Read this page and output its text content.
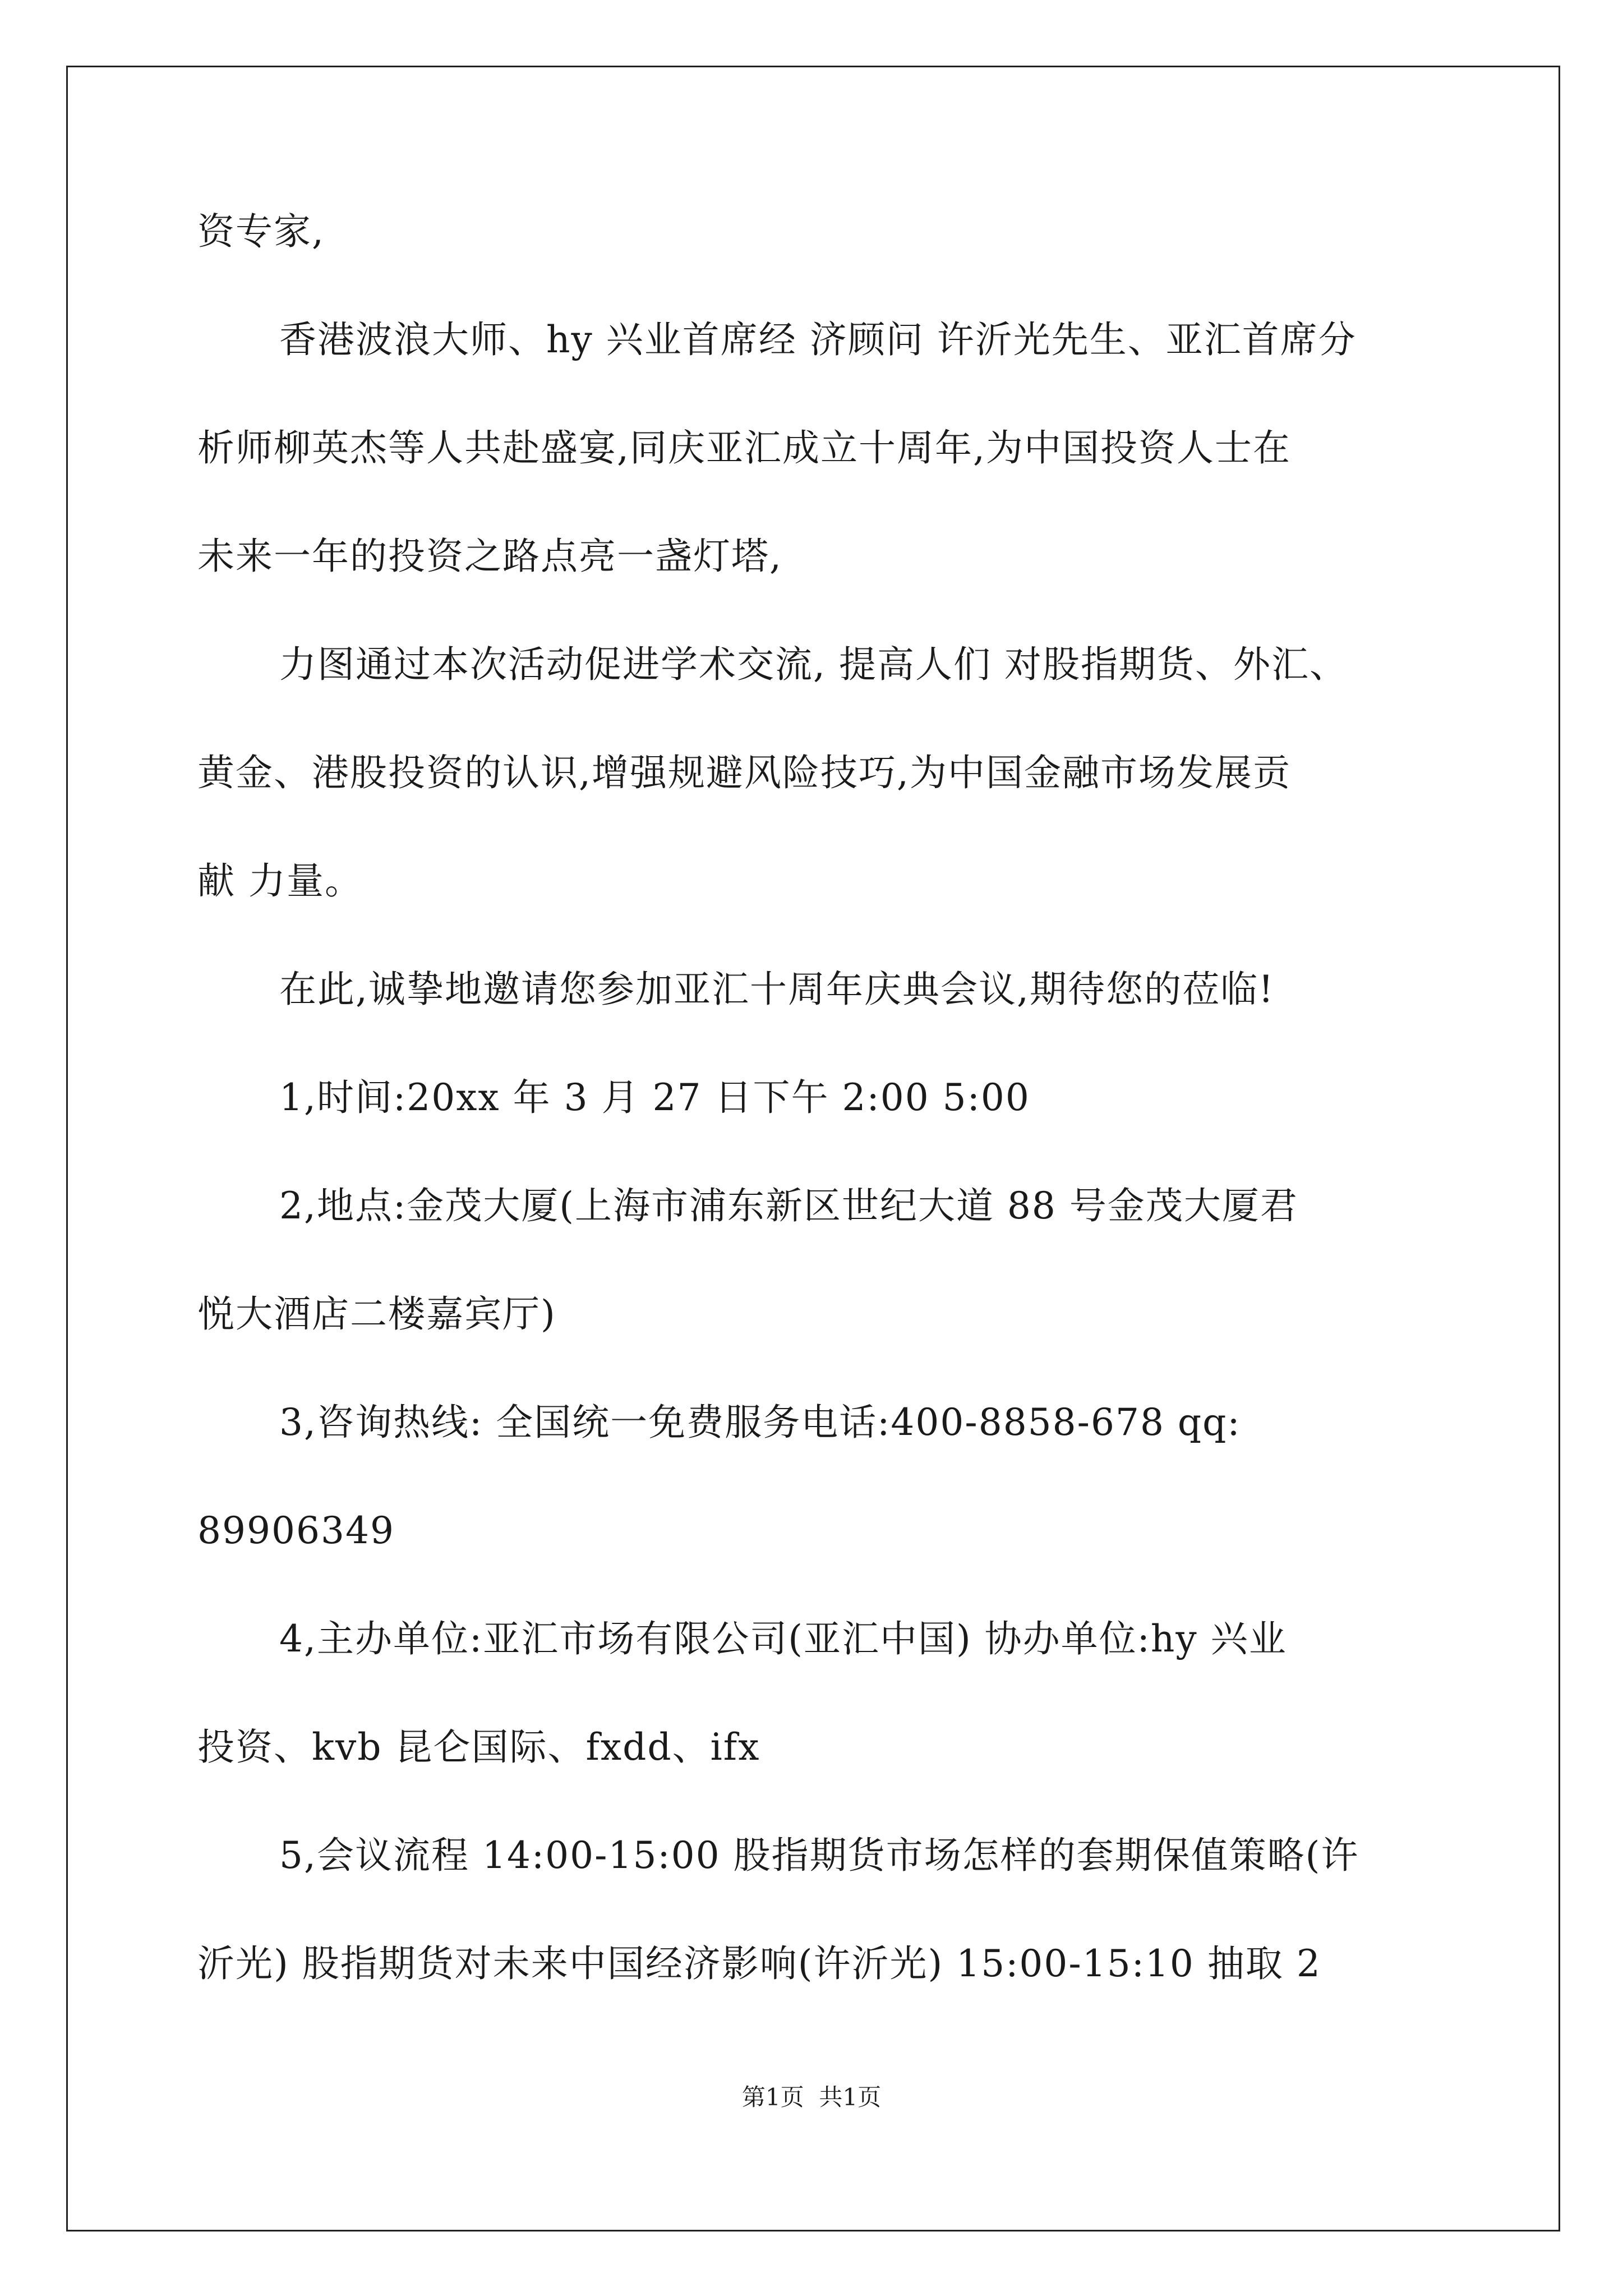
资专家,
香港波浪大师、hy 兴业首席经 济顾问 许沂光先生、亚汇首席分
析师柳英杰等人共赴盛宴,同庆亚汇成立十周年,为中国投资人士在
未来一年的投资之路点亮一盏灯塔,
力图通过本次活动促进学术交流, 提高人们 对股指期货、外汇、
黄金、港股投资的认识,增强规避风险技巧,为中国金融市场发展贡
献 力量。
在此,诚挚地邀请您参加亚汇十周年庆典会议,期待您的莅临!
1,时间:20xx 年 3 月 27 日下午 2:00 5:00
2,地点:金茂大厦(上海市浦东新区世纪大道 88 号金茂大厦君
悦大酒店二楼嘉宾厅)
3,咨询热线: 全国统一免费服务电话:400-8858-678 qq:
89906349
4,主办单位:亚汇市场有限公司(亚汇中国) 协办单位:hy 兴业
投资、kvb 昆仑国际、fxdd、ifx
5,会议流程 14:00-15:00 股指期货市场怎样的套期保值策略(许
沂光) 股指期货对未来中国经济影响(许沂光) 15:00-15:10 抽取 2
第1页  共1页
